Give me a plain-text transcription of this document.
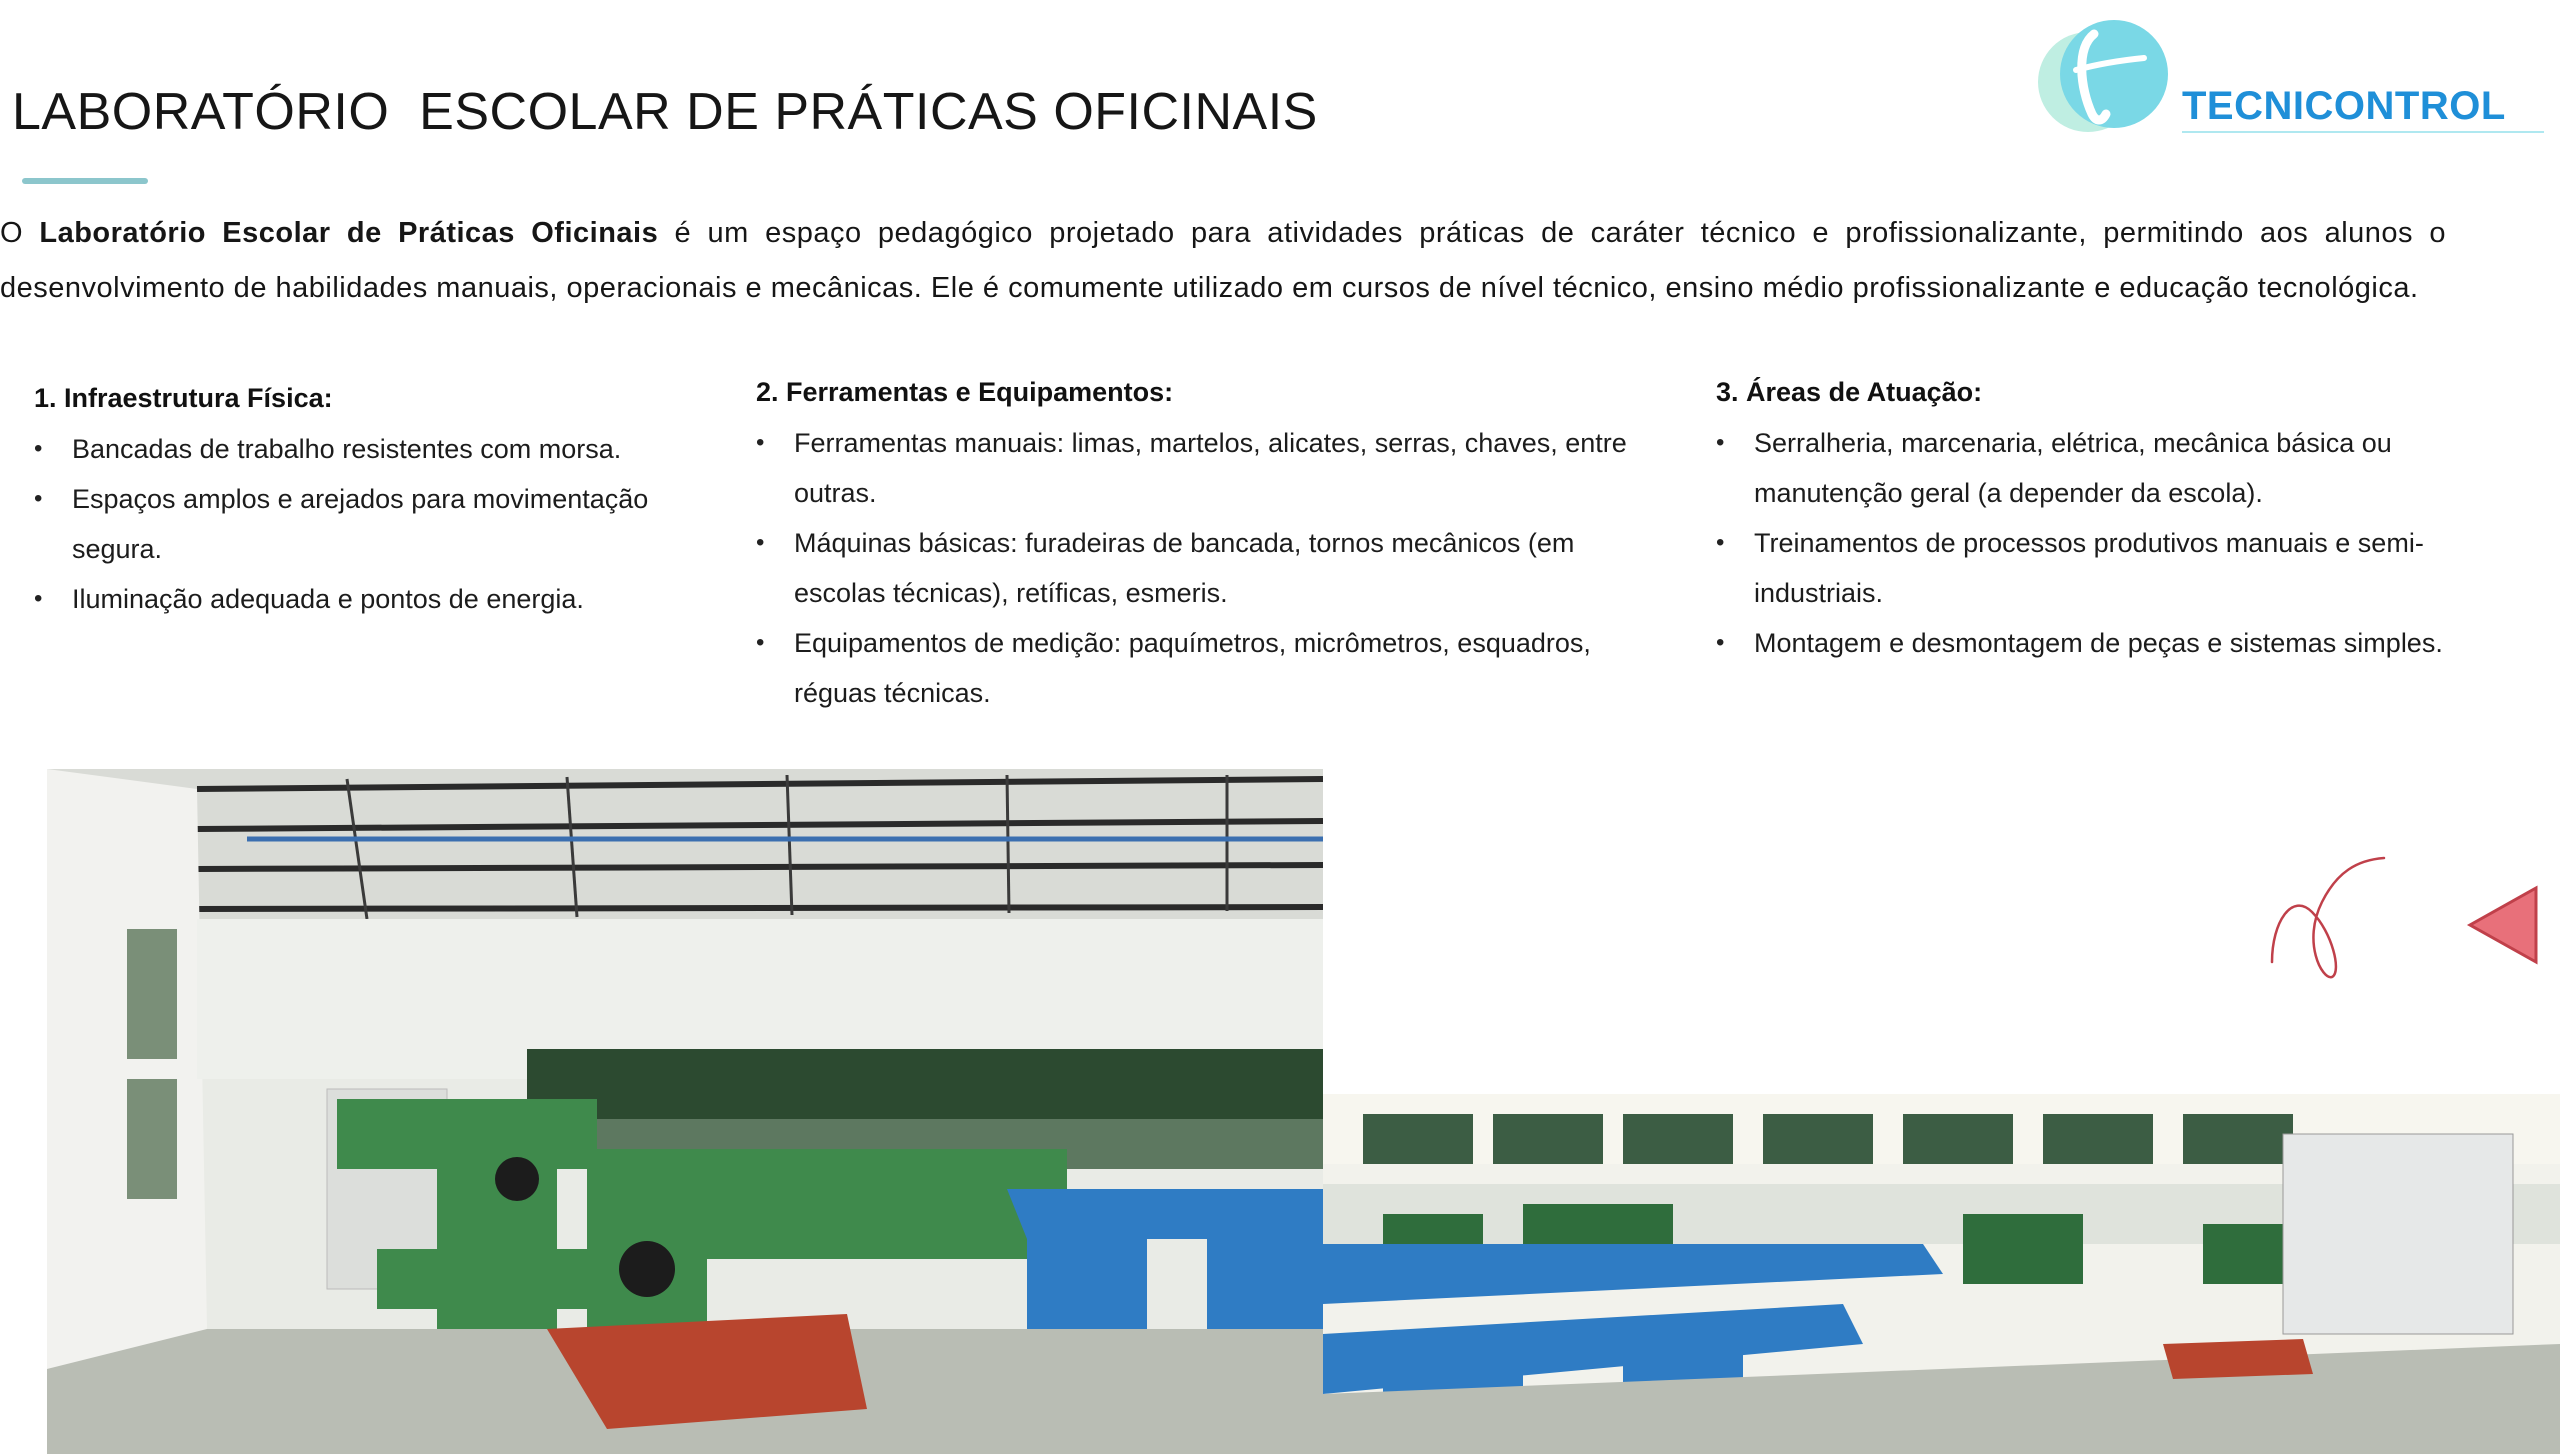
LABORATÓRIO  ESCOLAR DE PRÁTICAS OFICINAIS	TECNICONTROL

O Laboratório Escolar de Práticas Oficinais é um espaço pedagógico projetado para atividades práticas de caráter técnico e profissionalizante, permitindo aos alunos o desenvolvimento de habilidades manuais, operacionais e mecânicas. Ele é comumente utilizado em cursos de nível técnico, ensino médio profissionalizante e educação tecnológica.

1. Infraestrutura Física:
• Bancadas de trabalho resistentes com morsa.
• Espaços amplos e arejados para movimentação segura.
• Iluminação adequada e pontos de energia.
2. Ferramentas e Equipamentos:
• Ferramentas manuais: limas, martelos, alicates, serras, chaves, entre outras.
• Máquinas básicas: furadeiras de bancada, tornos mecânicos (em escolas técnicas), retíficas, esmeris.
• Equipamentos de medição: paquímetros, micrômetros, esquadros, réguas técnicas.
3. Áreas de Atuação:
• Serralheria, marcenaria, elétrica, mecânica básica ou manutenção geral (a depender da escola).
• Treinamentos de processos produtivos manuais e semi-industriais.
• Montagem e desmontagem de peças e sistemas simples.
